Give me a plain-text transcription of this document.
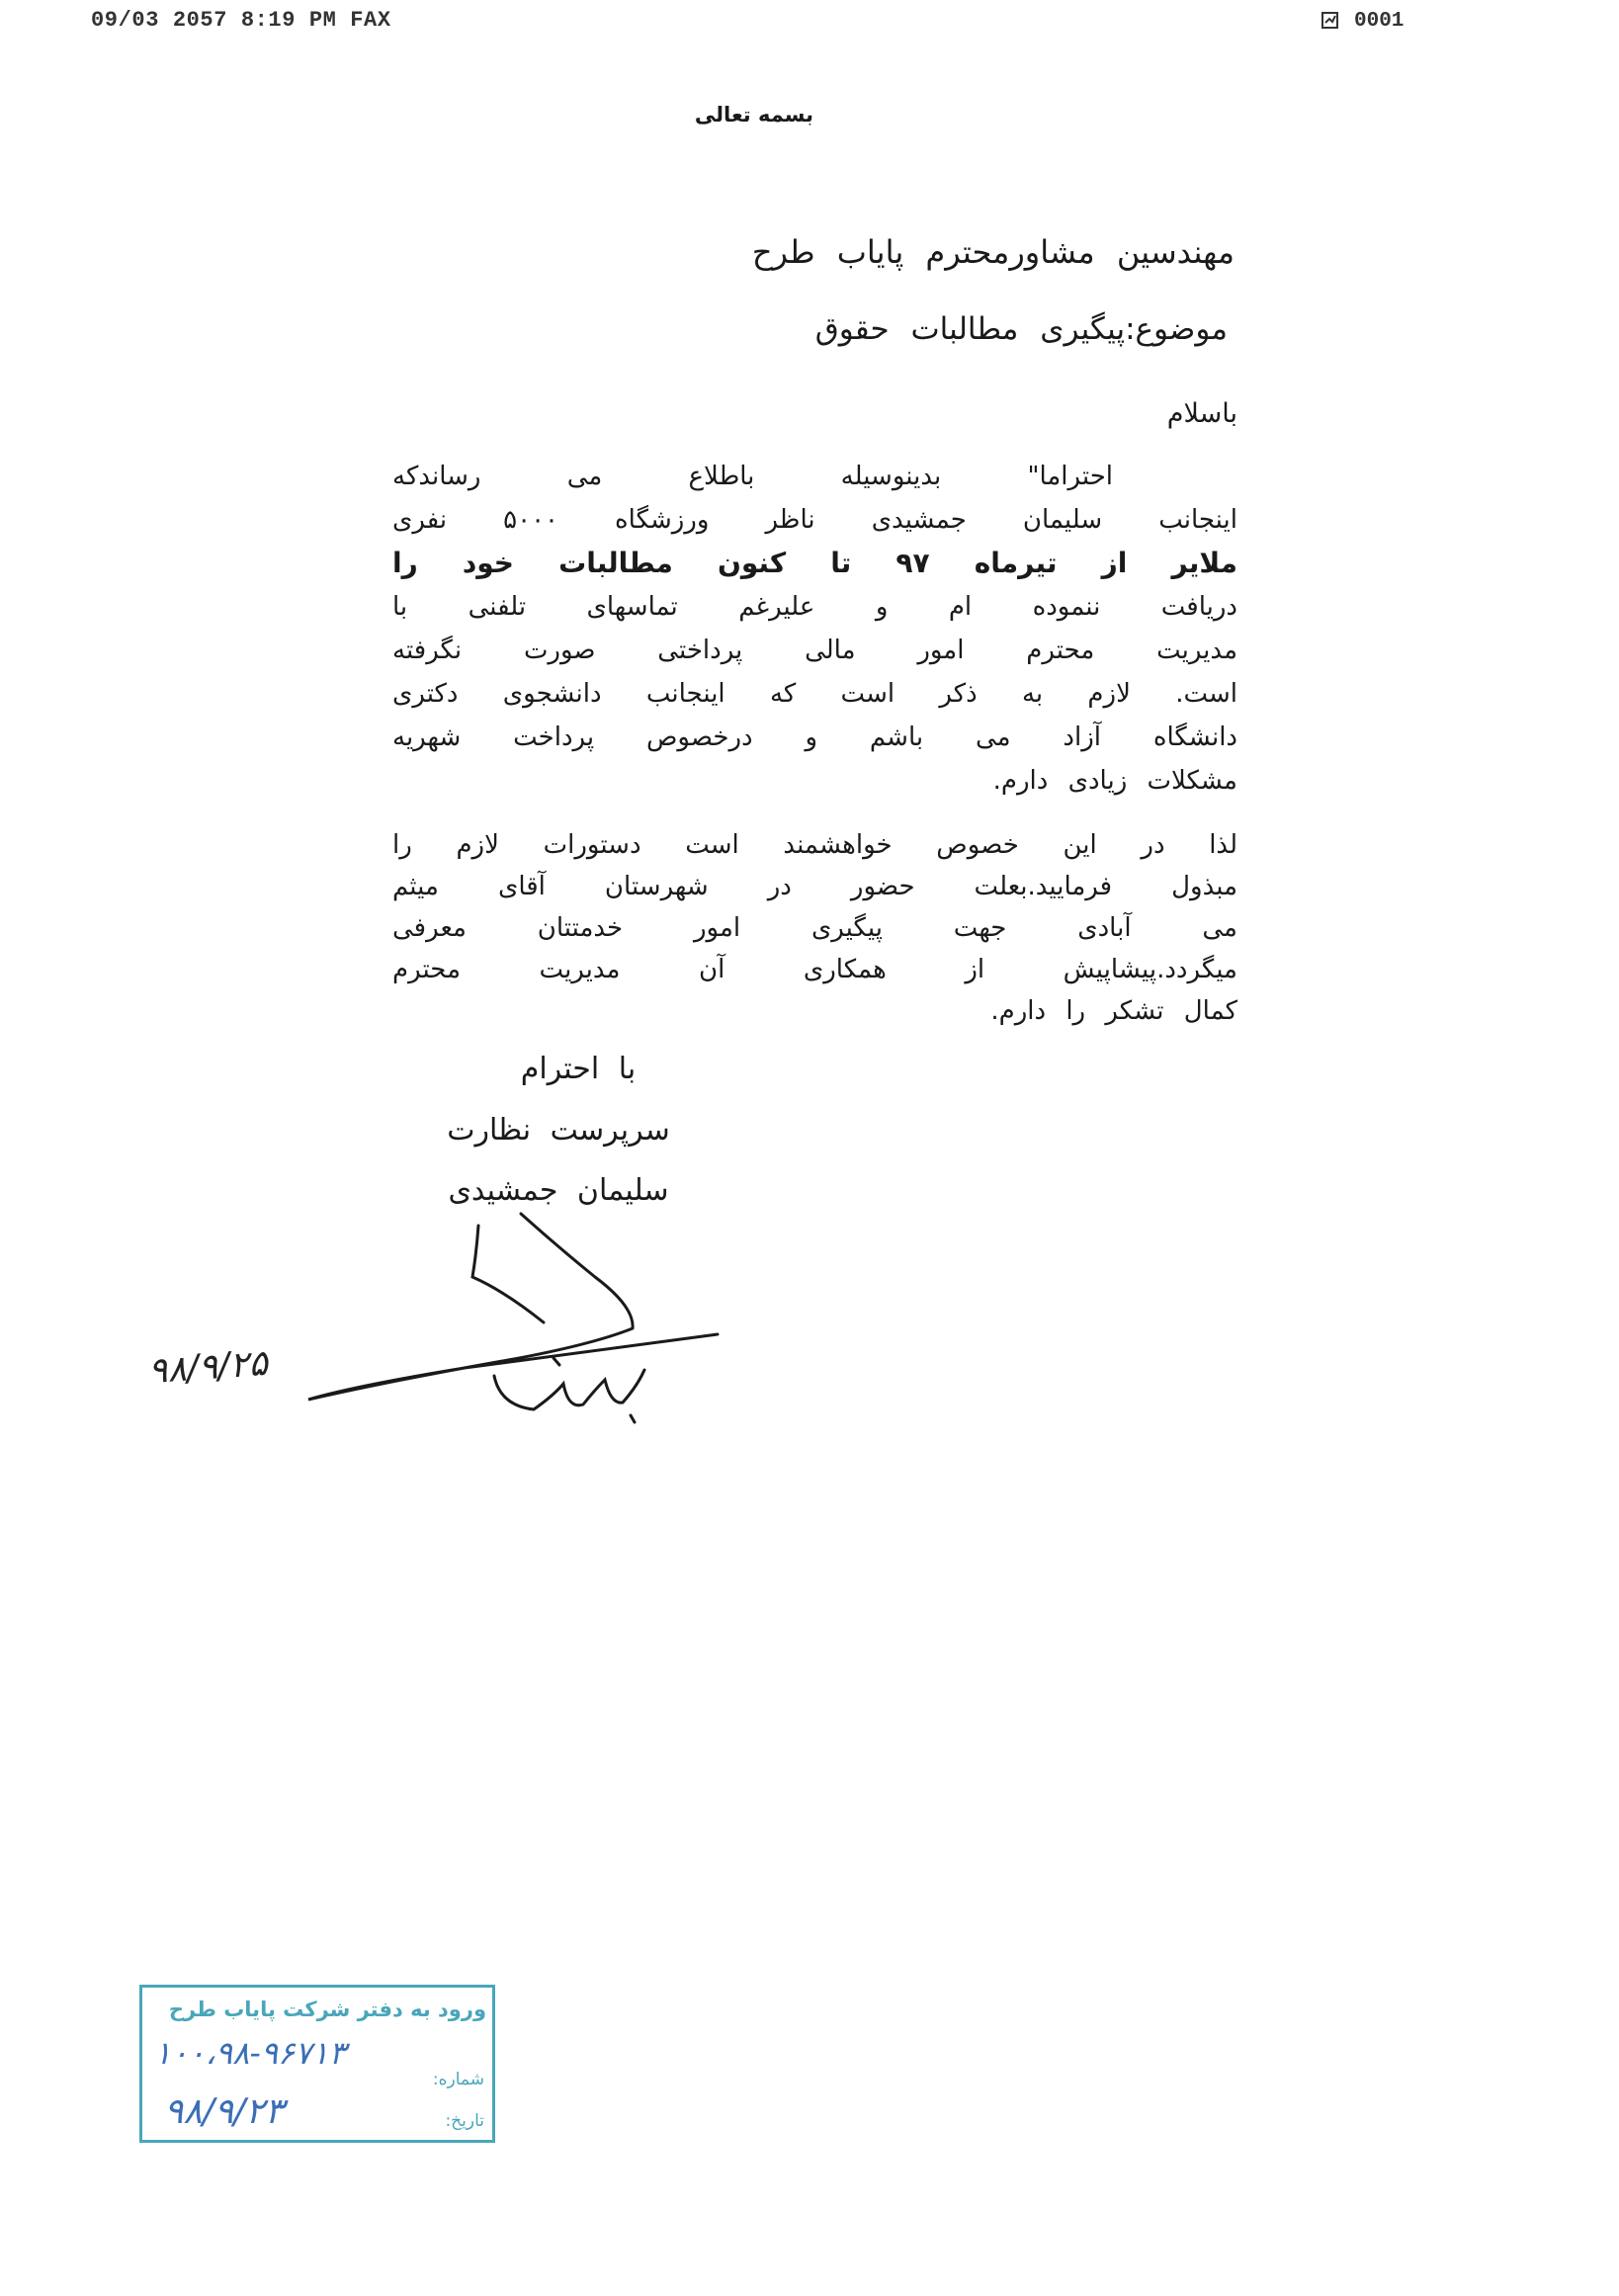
09/03 2057 8:19 PM FAX	0001
بسمه تعالی
مهندسین مشاورمحترم پایاب طرح
موضوع:پیگیری مطالبات حقوق
باسلام
احتراما" بدینوسیله باطلاع می رساندکه
اینجانب سلیمان جمشیدی ناظر ورزشگاه ۵۰۰۰ نفری
ملایر از تیرماه ۹۷ تا کنون مطالبات خود را
دریافت ننموده ام و علیرغم تماسهای تلفنی با
مدیریت محترم امور مالی پرداختی صورت نگرفته
است. لازم به ذکر است که اینجانب دانشجوی دکتری
دانشگاه آزاد می باشم و درخصوص پرداخت شهریه
مشکلات زیادی دارم.
لذا در این خصوص خواهشمند است دستورات لازم را
مبذول فرمایید.بعلت حضور در شهرستان آقای میثم
می آبادی جهت پیگیری امور خدمتتان معرفی
میگردد.پیشاپیش از همکاری آن مدیریت محترم
کمال تشکر را دارم.
با احترام
سرپرست نظارت
سلیمان جمشیدی
۹۸/۹/۲۵
ورود به دفتر شرکت پایاب طرح
۱۰۰،۹۸-۹۶۷۱۳
شماره:
۹۸/۹/۲۳	تاریخ:
